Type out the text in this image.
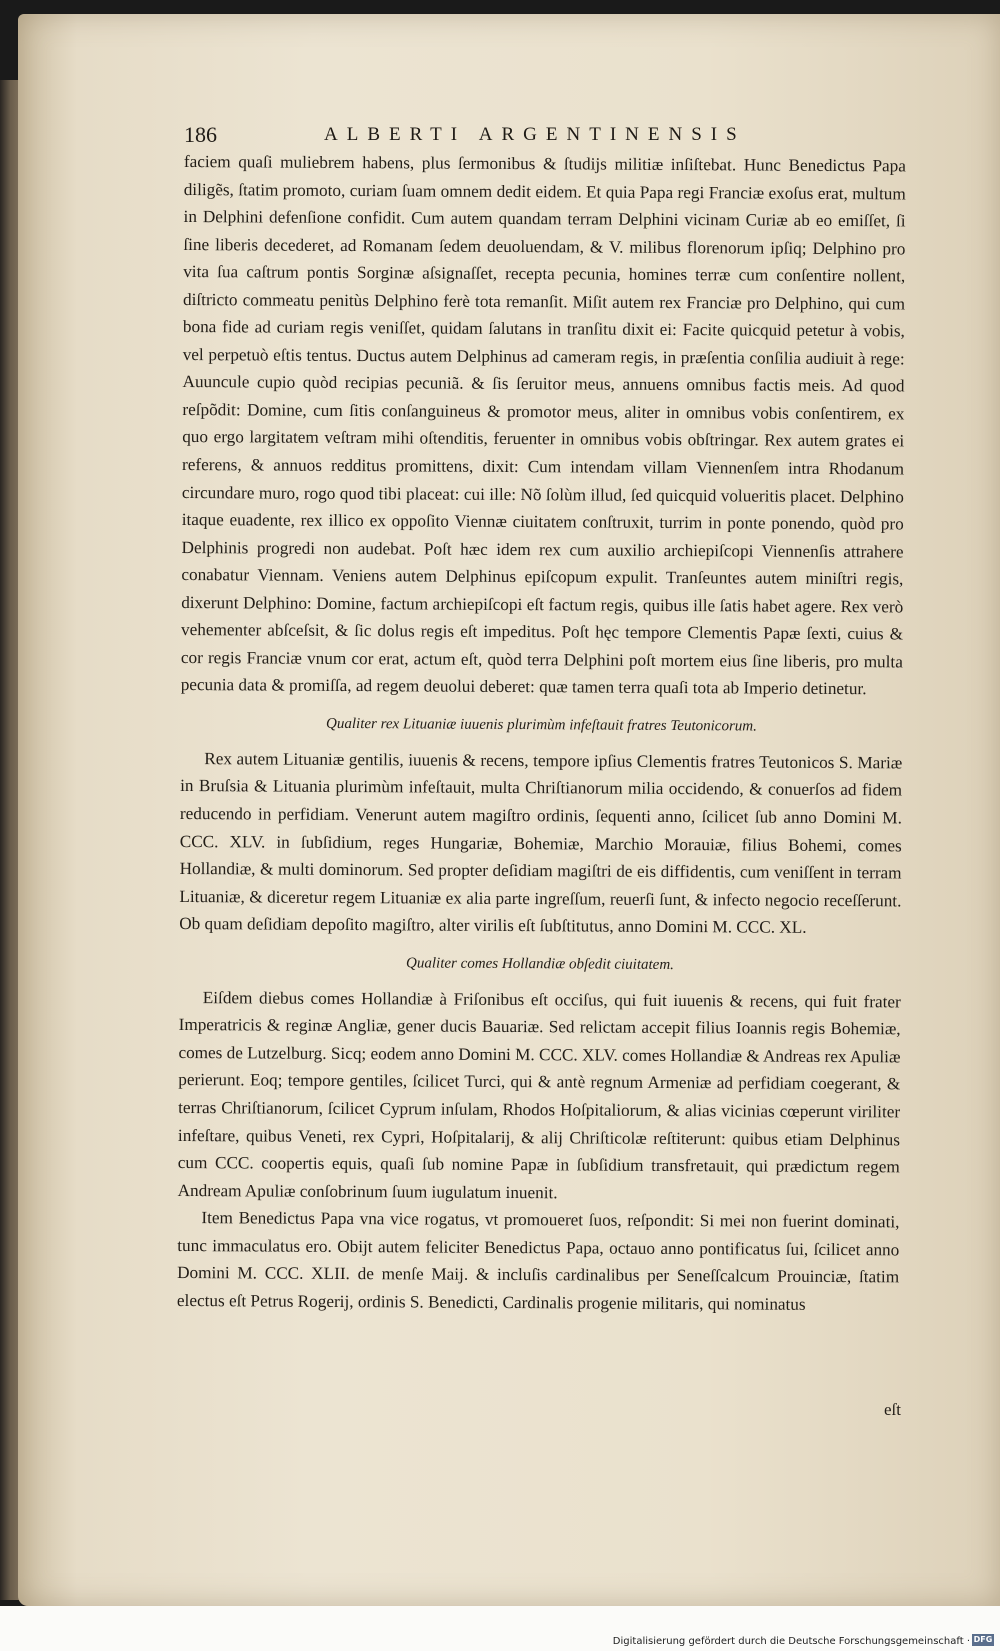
186	ALBERTI ARGENTINENSIS

faciem quaſi muliebrem habens, plus ſermonibus & ſtudijs militiæ inſiſtebat. Hunc Benedictus Papa diligẽs, ſtatim promoto, curiam ſuam omnem dedit eidem. Et quia Papa regi Franciæ exoſus erat, multum in Delphini defenſione confidit. Cum autem quandam terram Delphini vicinam Curiæ ab eo emiſſet, ſi ſine liberis decederet, ad Romanam ſedem deuoluendam, & V. milibus florenorum ipſiq; Delphino pro vita ſua caſtrum pontis Sorginæ aſsignaſſet, recepta pecunia, homines terræ cum conſentire nollent, diſtricto commeatu penitùs Delphino ferè tota remanſit. Miſit autem rex Franciæ pro Delphino, qui cum bona fide ad curiam regis veniſſet, quidam ſalutans in tranſitu dixit ei: Facite quicquid petetur à vobis, vel perpetuò eſtis tentus. Ductus autem Delphinus ad cameram regis, in præſentia conſilia audiuit à rege: Auuncule cupio quòd recipias pecuniã. & ſis ſeruitor meus, annuens omnibus factis meis. Ad quod reſpõdit: Domine, cum ſitis conſanguineus & promotor meus, aliter in omnibus vobis conſentirem, ex quo ergo largitatem veſtram mihi oſtenditis, feruenter in omnibus vobis obſtringar. Rex autem grates ei referens, & annuos redditus promittens, dixit: Cum intendam villam Viennenſem intra Rhodanum circundare muro, rogo quod tibi placeat: cui ille: Nõ ſolùm illud, ſed quicquid volueritis placet. Delphino itaque euadente, rex illico ex oppoſito Viennæ ciuitatem conſtruxit, turrim in ponte ponendo, quòd pro Delphinis progredi non audebat. Poſt hæc idem rex cum auxilio archiepiſcopi Viennenſis attrahere conabatur Viennam. Veniens autem Delphinus epiſcopum expulit. Tranſeuntes autem miniſtri regis, dixerunt Delphino: Domine, factum archiepiſcopi eſt factum regis, quibus ille ſatis habet agere. Rex verò vehementer abſceſsit, & ſic dolus regis eſt impeditus. Poſt hęc tempore Clementis Papæ ſexti, cuius & cor regis Franciæ vnum cor erat, actum eſt, quòd terra Delphini poſt mortem eius ſine liberis, pro multa pecunia data & promiſſa, ad regem deuolui deberet: quæ tamen terra quaſi tota ab Imperio detinetur.

Qualiter rex Lituaniæ iuuenis plurimùm infeſtauit fratres Teutonicorum.

Rex autem Lituaniæ gentilis, iuuenis & recens, tempore ipſius Clementis fratres Teutonicos S. Mariæ in Bruſsia & Lituania plurimùm infeſtauit, multa Chriſtianorum milia occidendo, & conuerſos ad fidem reducendo in perfidiam. Venerunt autem magiſtro ordinis, ſequenti anno, ſcilicet ſub anno Domini M. CCC. XLV. in ſubſidium, reges Hungariæ, Bohemiæ, Marchio Morauiæ, filius Bohemi, comes Hollandiæ, & multi dominorum. Sed propter deſidiam magiſtri de eis diffidentis, cum veniſſent in terram Lituaniæ, & diceretur regem Lituaniæ ex alia parte ingreſſum, reuerſi ſunt, & infecto negocio receſſerunt. Ob quam deſidiam depoſito magiſtro, alter virilis eſt ſubſtitutus, anno Domini M. CCC. XL.

Qualiter comes Hollandiæ obſedit ciuitatem.

Eiſdem diebus comes Hollandiæ à Friſonibus eſt occiſus, qui fuit iuuenis & recens, qui fuit frater Imperatricis & reginæ Angliæ, gener ducis Bauariæ. Sed relictam accepit filius Ioannis regis Bohemiæ, comes de Lutzelburg. Sicq; eodem anno Domini M. CCC. XLV. comes Hollandiæ & Andreas rex Apuliæ perierunt. Eoq; tempore gentiles, ſcilicet Turci, qui & antè regnum Armeniæ ad perfidiam coegerant, & terras Chriſtianorum, ſcilicet Cyprum inſulam, Rhodos Hoſpitaliorum, & alias vicinias cœperunt viriliter infeſtare, quibus Veneti, rex Cypri, Hoſpitalarij, & alij Chriſticolæ reſtiterunt: quibus etiam Delphinus cum CCC. coopertis equis, quaſi ſub nomine Papæ in ſubſidium transfretauit, qui prædictum regem Andream Apuliæ conſobrinum ſuum iugulatum inuenit.

Item Benedictus Papa vna vice rogatus, vt promoueret ſuos, reſpondit: Si mei non fuerint dominati, tunc immaculatus ero. Obijt autem feliciter Benedictus Papa, octauo anno pontificatus ſui, ſcilicet anno Domini M. CCC. XLII. de menſe Maij. & incluſis cardinalibus per Seneſſcalcum Prouinciæ, ſtatim electus eſt Petrus Rogerij, ordinis S. Benedicti, Cardinalis progenie militaris, qui nominatus

eſt
Digitalisierung gefördert durch die Deutsche Forschungsgemeinschaft · DFG
